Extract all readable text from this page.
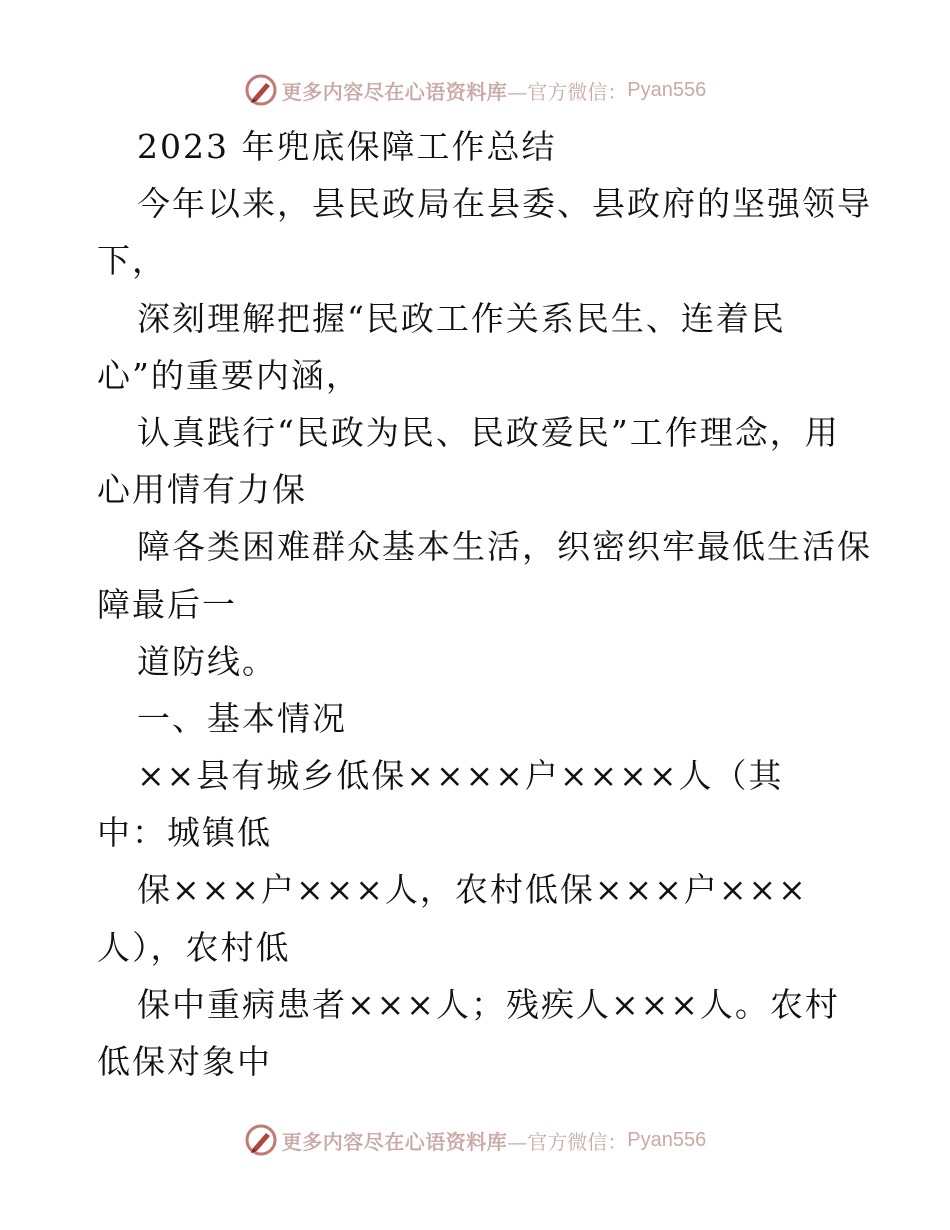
更多内容尽在心语资料库 —官方微信： Pyan556
2023 年兜底保障工作总结
今年以来，县民政局在县委、县政府的坚强领导
下，
深刻理解把握“民政工作关系民生、连着民
心”的重要内涵，
认真践行“民政为民、民政爱民”工作理念，用
心用情有力保
障各类困难群众基本生活，织密织牢最低生活保
障最后一
道防线。
一、基本情况
××县有城乡低保××××户××××人（其
中：城镇低
保×××户×××人，农村低保×××户×××
人），农村低
保中重病患者×××人；残疾人×××人。农村
低保对象中
更多内容尽在心语资料库 —官方微信： Pyan556
